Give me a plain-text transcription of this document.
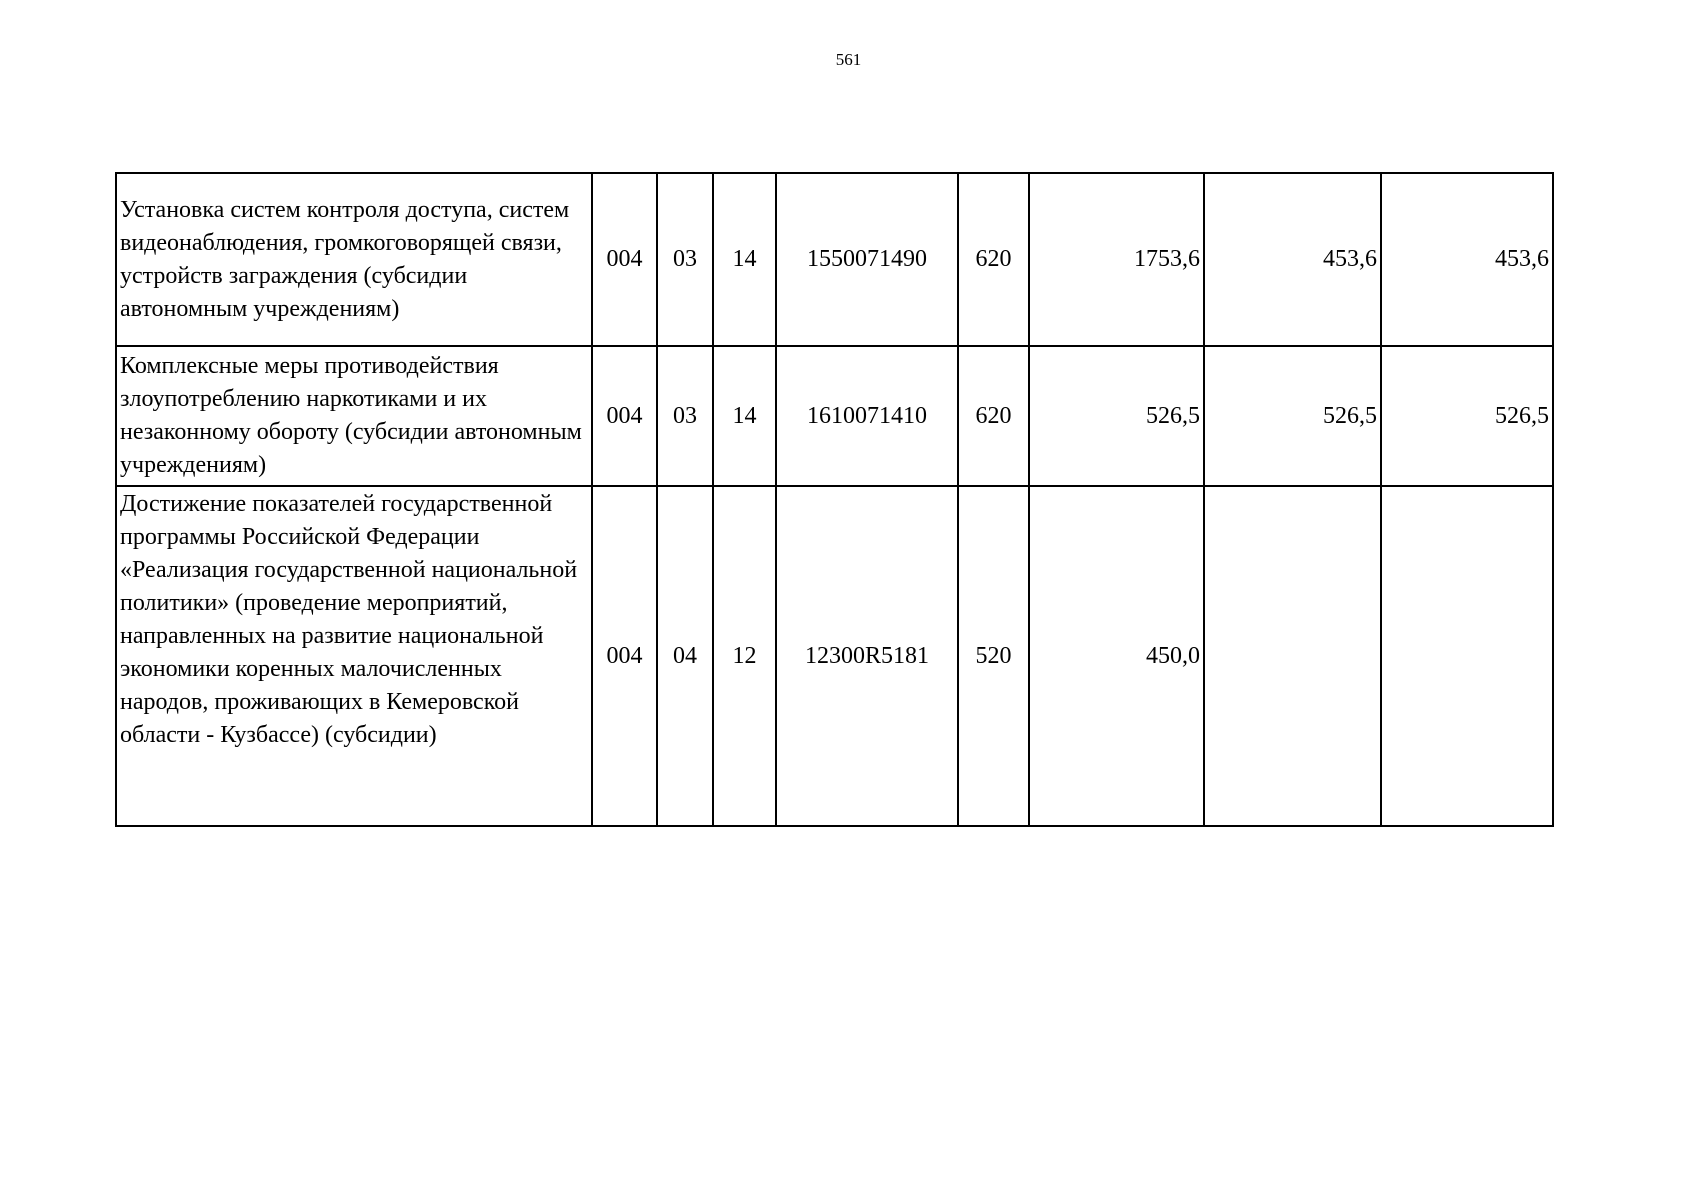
561
Установка систем контроля доступа, систем видеонаблюдения, громкоговорящей связи, устройств заграждения (субсидии автономным учреждениям)	004	03	14	1550071490	620	1753,6	453,6	453,6
Комплексные меры противодействия злоупотреблению наркотиками и их незаконному обороту (субсидии автономным учреждениям)	004	03	14	1610071410	620	526,5	526,5	526,5
Достижение показателей государственной программы Российской Федерации «Реализация государственной национальной политики» (проведение мероприятий, направленных на развитие национальной экономики коренных малочисленных народов, проживающих в Кемеровской области - Кузбассе) (субсидии)	004	04	12	12300R5181	520	450,0		
